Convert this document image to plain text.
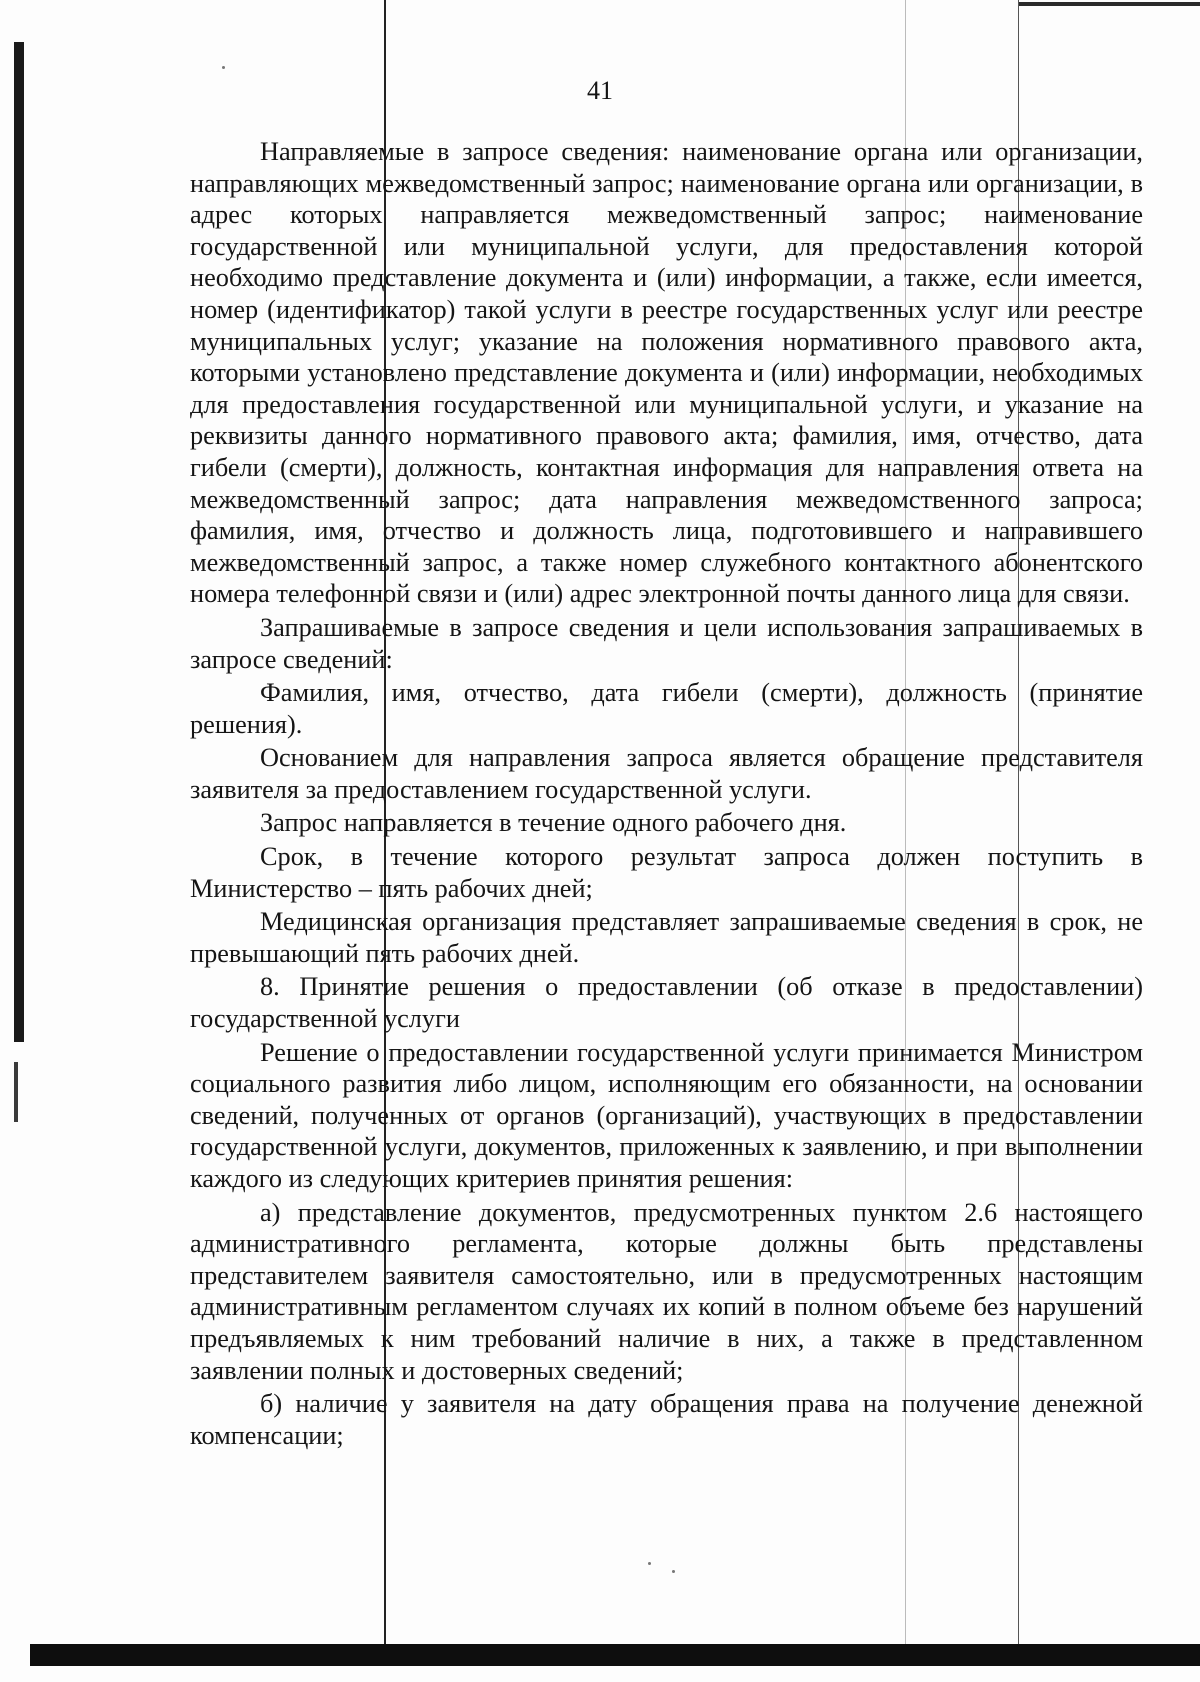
41

Направляемые в запросе сведения: наименование органа или организации, направляющих межведомственный запрос; наименование органа или организации, в адрес которых направляется межведомственный запрос; наименование государственной или муниципальной услуги, для предоставления которой необходимо представление документа и (или) информации, а также, если имеется, номер (идентификатор) такой услуги в реестре государственных услуг или реестре муниципальных услуг; указание на положения нормативного правового акта, которыми установлено представление документа и (или) информации, необходимых для предоставления государственной или муниципальной услуги, и указание на реквизиты данного нормативного правового акта; фамилия, имя, отчество, дата гибели (смерти), должность, контактная информация для направления ответа на межведомственный запрос; дата направления межведомственного запроса; фамилия, имя, отчество и должность лица, подготовившего и направившего межведомственный запрос, а также номер служебного контактного абонентского номера телефонной связи и (или) адрес электронной почты данного лица для связи.

Запрашиваемые в запросе сведения и цели использования запрашиваемых в запросе сведений:

Фамилия, имя, отчество, дата гибели (смерти), должность (принятие решения).

Основанием для направления запроса является обращение представителя заявителя за предоставлением государственной услуги.

Запрос направляется в течение одного рабочего дня.

Срок, в течение которого результат запроса должен поступить в Министерство – пять рабочих дней;

Медицинская организация представляет запрашиваемые сведения в срок, не превышающий пять рабочих дней.

8. Принятие решения о предоставлении (об отказе в предоставлении) государственной услуги

Решение о предоставлении государственной услуги принимается Министром социального развития либо лицом, исполняющим его обязанности, на основании сведений, полученных от органов (организаций), участвующих в предоставлении государственной услуги, документов, приложенных к заявлению, и при выполнении каждого из следующих критериев принятия решения:

а) представление документов, предусмотренных пунктом 2.6 настоящего административного регламента, которые должны быть представлены представителем заявителя самостоятельно, или в предусмотренных настоящим административным регламентом случаях их копий в полном объеме без нарушений предъявляемых к ним требований наличие в них, а также в представленном заявлении полных и достоверных сведений;

б) наличие у заявителя на дату обращения права на получение денежной компенсации;
